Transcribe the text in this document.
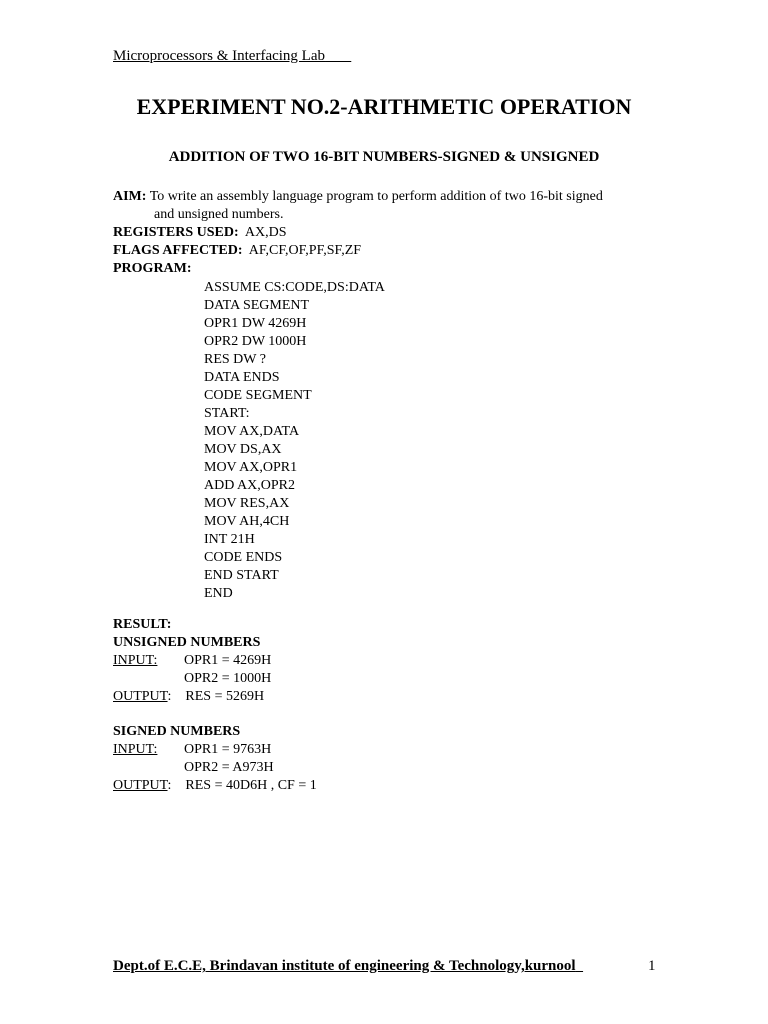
Microprocessors & Interfacing Lab
EXPERIMENT NO.2-ARITHMETIC OPERATION
ADDITION OF TWO 16-BIT NUMBERS-SIGNED & UNSIGNED
AIM: To write an assembly language program to perform addition of two 16-bit signed
and unsigned numbers.
REGISTERS USED: AX,DS
FLAGS AFFECTED: AF,CF,OF,PF,SF,ZF
PROGRAM:
ASSUME CS:CODE,DS:DATA
DATA SEGMENT
OPR1 DW 4269H
OPR2 DW 1000H
RES DW ?
DATA ENDS
CODE SEGMENT
START:
MOV AX,DATA
MOV DS,AX
MOV AX,OPR1
ADD AX,OPR2
MOV RES,AX
MOV AH,4CH
INT 21H
CODE ENDS
END START
END
RESULT:
UNSIGNED NUMBERS
INPUT: OPR1 = 4269H
OPR2 = 1000H
OUTPUT: RES = 5269H
SIGNED NUMBERS
INPUT: OPR1 = 9763H
OPR2 = A973H
OUTPUT: RES = 40D6H , CF = 1
Dept.of E.C.E, Brindavan institute of engineering & Technology,kurnool	1
